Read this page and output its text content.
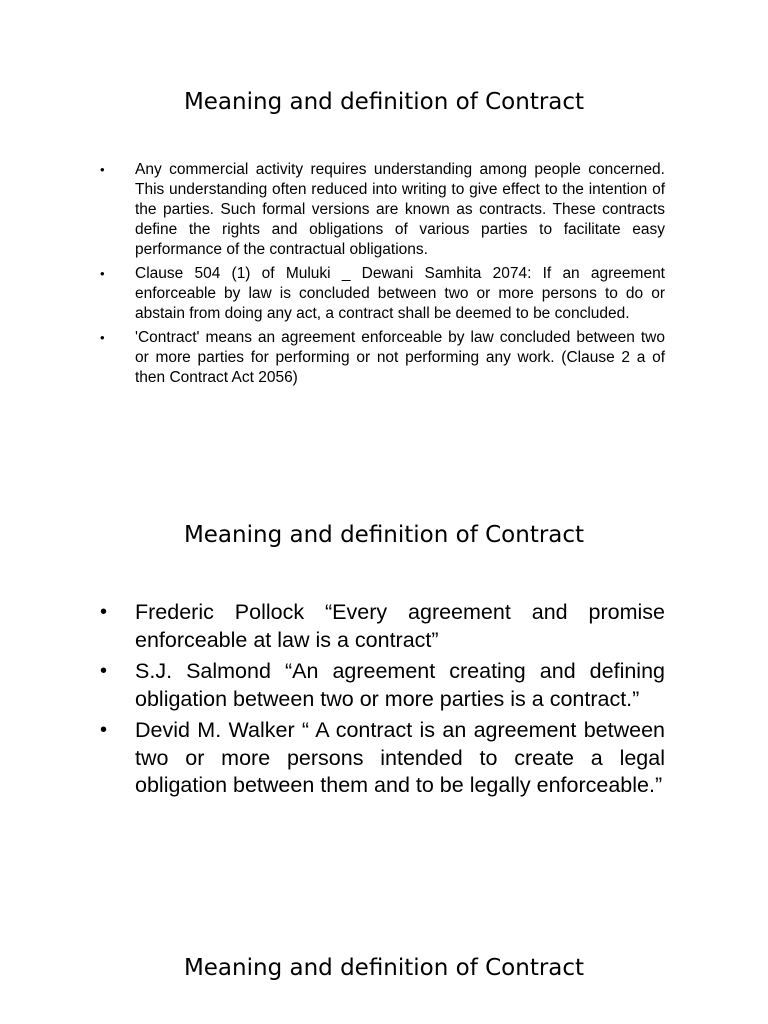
Meaning and definition of Contract
• Any commercial activity requires understanding among people concerned. This understanding often reduced into writing to give effect to the intention of the parties. Such formal versions are known as contracts. These contracts define the rights and obligations of various parties to facilitate easy performance of the contractual obligations.
• Clause 504 (1) of Muluki _ Dewani Samhita 2074: If an agreement enforceable by law is concluded between two or more persons to do or abstain from doing any act, a contract shall be deemed to be concluded.
• 'Contract' means an agreement enforceable by law concluded between two or more parties for performing or not performing any work. (Clause 2 a of then Contract Act 2056)
Meaning and definition of Contract
• Frederic Pollock “Every agreement and promise enforceable at law is a contract”
• S.J. Salmond “An agreement creating and defining obligation between two or more parties is a contract.”
• Devid M. Walker “ A contract is an agreement between two or more persons intended to create a legal obligation between them and to be legally enforceable.”
Meaning and definition of Contract
